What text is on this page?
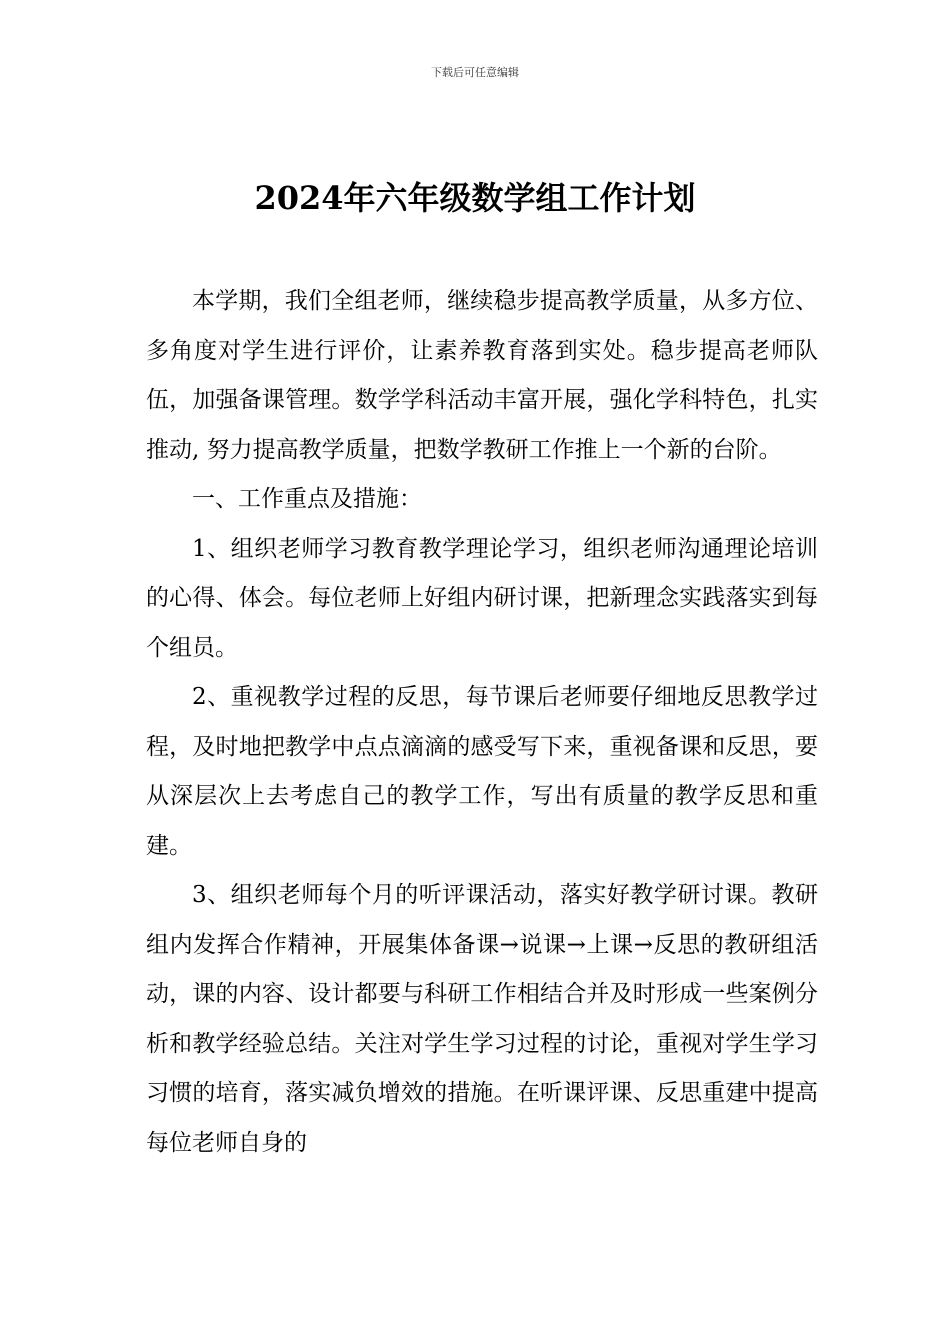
下载后可任意编辑
2024年六年级数学组工作计划

本学期，我们全组老师，继续稳步提高教学质量，从多方位、多角度对学生进行评价，让素养教育落到实处。稳步提高老师队伍，加强备课管理。数学学科活动丰富开展，强化学科特色，扎实推动, 努力提高教学质量，把数学教研工作推上一个新的台阶。

一、工作重点及措施：

1、组织老师学习教育教学理论学习，组织老师沟通理论培训的心得、体会。每位老师上好组内研讨课，把新理念实践落实到每个组员。

2、重视教学过程的反思，每节课后老师要仔细地反思教学过程，及时地把教学中点点滴滴的感受写下来，重视备课和反思，要从深层次上去考虑自己的教学工作，写出有质量的教学反思和重建。

3、组织老师每个月的听评课活动，落实好教学研讨课。教研组内发挥合作精神，开展集体备课→说课→上课→反思的教研组活动，课的内容、设计都要与科研工作相结合并及时形成一些案例分析和教学经验总结。关注对学生学习过程的讨论，重视对学生学习习惯的培育，落实减负增效的措施。在听课评课、反思重建中提高每位老师自身的
